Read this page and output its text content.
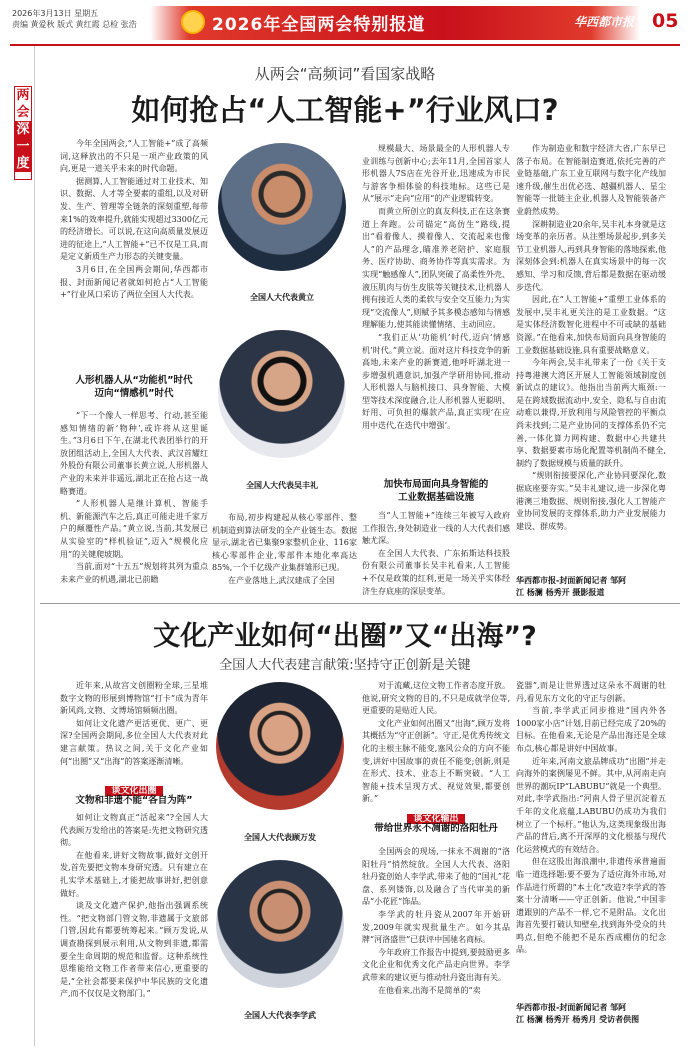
2026年3月13日 星期五
责编 黄爱秋 版式 黄红霞 总检 张浩	2026年全国两会特别报道	华西都市报 05
两
会
深
一
度
从两会“高频词”看国家战略
如何抢占“人工智能+”行业风口?

今年全国两会,“人工智能+”成了高频词,这释放出的不只是一项产业政策的风向,更是一道关乎未来的时代命题。

据测算,人工智能通过对工业技术、知识、数据、人才等全要素的重组,以及对研发、生产、管理等全链条的深刻重塑,每带来1%的效率提升,就能实现超过3300亿元的经济增长。可以说,在这向高质量发展迈进的征途上,“人工智能+”已不仅是工具,而是定义新质生产力形态的关键变量。

3月6日,在全国两会期间,华西都市报、封面新闻记者就如何抢占“人工智能+”行业风口采访了两位全国人大代表。

人形机器人从“功能机”时代
迈向“情感机”时代

“下一个像人一样思考、行动,甚至能感知情绪的新‘物种’,或许将从这里诞生。”3月6日下午,在湖北代表团举行的开放团组活动上,全国人大代表、武汉首耀红外股份有限公司董事长黄立说,人形机器人产业的未来并非遥远,湖北正在抢占这一战略赛道。

“人形机器人是继计算机、智能手机、新能源汽车之后,真正可能走进千家万户的颠覆性产品。”黄立说,当前,其发展已从实验室的“样机验证”,迈入“规模化应用”的关键爬坡期。

当前,面对“十五五”规划将其列为重点未来产业的机遇,湖北已前瞻

全国人大代表黄立
全国人大代表吴丰礼

布局,初步构建起从核心零部件、整机制造到算法研发的全产业链生态。数据显示,湖北省已集聚9家整机企业、116家核心零部件企业,零部件本地化率高达85%,一个千亿级产业集群雏形已现。

在产业落地上,武汉建成了全国

规模最大、场景最全的人形机器人专业训练与创新中心;去年11月,全国首家人形机器人7S店在光谷开业,迅速成为市民与游客争相体验的科技地标。这些已是从“展示”走向“应用”的产业逻辑转变。

而黄立所创立的真友科技,正在这条赛道上奔跑。公司锚定“高仿生”路线,提出“看着像人、摸着像人、交流起来也像人”的产品理念,瞄准养老陪护、家庭服务、医疗协助、商务协作等真实需求。为实现“触感像人”,团队突破了高柔性外壳、液压肌肉与仿生皮肤等关键技术,让机器人拥有接近人类的柔软与安全交互能力;为实现“交流像人”,则赋予其多模态感知与情感理解能力,使其能读懂情绪、主动回应。

“我们正从‘功能机’时代,迈向‘情感机’时代。”黄立说。面对这片科技竞争的新高地,未来产业的新赛道,他呼吁湖北进一步增强机遇意识,加强产学研用协同,推动人形机器人与脑机接口、具身智能、大模型等技术深度融合,让人形机器人更聪明、好用、可负担的爆款产品,真正实现‘在应用中迭代,在迭代中增强’。

加快布局面向具身智能的
工业数据基础设施

当“人工智能+”连续三年被写入政府工作报告,身处制造业一线的人大代表们感触尤深。

在全国人大代表、广东拓斯达科技股份有限公司董事长吴丰礼看来,人工智能+不仅是政策的红利,更是一场关乎实体经济生存底座的深层变革。

作为制造业和数字经济大省,广东早已落子布局。在智能制造赛道,依托完善的产业链基础,广东工业互联网与数字化产线加速升级,催生出优必选、越疆机器人、星尘智能等一批链主企业,机器人及智能装备产业蔚然成势。

深耕制造业20余年,吴丰礼本身就是这场变革的亲历者。从注塑场景起步,到多关节工业机器人,再到具身智能的落地探索,他深刻体会到:机器人在真实场景中的每一次感知、学习和反馈,背后都是数据在驱动缓步迭代。

因此,在“人工智能+”重塑工业体系的发展中,吴丰礼更关注的是工业数据。“这是实体经济数智化进程中不可或缺的基础资源。”在他看来,加快布局面向具身智能的工业数据基础设施,具有重要战略意义。

今年两会,吴丰礼带来了一份《关于支持粤港澳大湾区开展人工智能领域制度创新试点的建议》。他指出当前两大瓶颈:一是在跨域数据流动中,安全、隐私与自由流动难以兼得,开放利用与风险管控的平衡点尚未找到;二是产业协同的支撑体系仍不完善,一体化算力网构建、数据中心共建共享、数据要素市场化配置等机制尚不健全,制约了数据规模与质量的跃升。

“规则衔接要深化,产业协同要深化,数据底座要夯实。”吴丰礼建议,进一步深化粤港澳三地数据、规则衔接,强化人工智能产业协同发展的支撑体系,助力产业发展能力建设、群成势。

华西都市报-封面新闻记者 邹阿
江 杨澜 杨秀开 摄影报道
文化产业如何“出圈”又“出海”?
全国人大代表建言献策:坚持守正创新是关键

近年来,从故宫文创圈粉全球,三星堆数字文物的形展到博物馆“打卡”成为青年新风尚,文物、文博场馆频频出圈。

如何让文化遗产更活更优、更广、更深?全国两会期间,多位全国人大代表对此建言献策。热议之间,关于文化产业如何“出圈”又“出海”的答案逐渐清晰。

谈文化出圈
文物和非遗不能“各自为阵”

如何让文物真正“活起来”?全国人大代表顾万发给出的答案是:先把文物研究透彻。

在他看来,讲好文物故事,做好文创开发,首先要把文物本身研究透。只有建立在扎实学术基础上,才能把故事讲好,把创意做好。

谈及文化遗产保护,他指出强调系统性。“把文物部门管文物,非遗属于文旅部门管,因此有都要统筹起来。”顾万发说,从调查勘探到展示利用,从文物到非遗,都需要全生命周期的规范和监督。这种系统性思维能给文物工作者带来信心,更重要的是,“全社会都要来保护中华民族的文化遗产,而不仅仅是文物部门。”

全国人大代表顾万发
全国人大代表李学武

对于流藏,这位文物工作者态度开放。他说,研究文物的目的,不只是成就学位等,更重要的是贴近人民。

文化产业如何出圈又“出海”,顾万发将其概括为“守正创新”。守正,是优秀传统文化的主根主脉不能变,塞风公众的方向不能变,讲好中国故事的责任不能变;创新,则是在形式、技术、业态上不断突破。“人工智能+技术呈现方式、视觉效果,都要创新。”

谈文化输出
带给世界永不凋谢的洛阳牡丹

全国两会的现场,一抹永不凋谢的“洛阳牡丹”悄然绽放。全国人大代表、洛阳牡丹瓷创始人李学武,带来了他的“国礼”花盘、系列镂饰,以及融合了当代审美的新品“小花匠”饰品。

李学武的牡丹瓷从2007年开始研发,2009年就实现批量生产。如今其品牌“河洛盛世”已获评中国驰名商标。

今年政府工作报告中提到,要鼓励更多文化企业和优秀文化产品走向世界。李学武带来的建议更与推动牡丹瓷出海有关。

在他看来,出海不是简单的“卖

瓷器”,而是让世界透过这朵永不凋谢的牡丹,看见东方文化的守正与创新。

当前,李学武正同步推进“国内外各1000家小店”计划,目前已经完成了20%的目标。在他看来,无论是产品出海还是全球布点,核心都是讲好中国故事。

近年来,河南文旅品牌成功“出圈”并走向海外的案例屡见不鲜。其中,从河南走向世界的潮玩IP“LABUBU”就是一个典型。对此,李学武指出:“河南人骨子里沉淀着五千年的文化底蕴,LABUBU仍成功为我们树立了一个标杆。”他认为,这类现象级出海产品的背后,离不开深厚的文化根基与现代化运营模式的有效结合。

但在这股出海浪潮中,非遗传承普遍面临一道选择题:要不要为了适应海外市场,对作品进行所谓的“本土化”改造?李学武的答案十分清晰——守正创新。他说,“中国非遗跟别的产品不一样,它不是附品。文化出海首先要打破认知壁垒,找到海外受众的共鸣点,但绝不能把不是东西成棚仿的纪念品。

华西都市报-封面新闻记者 邹阿
江 杨澜 杨秀开 杨秀月 受访者供图
